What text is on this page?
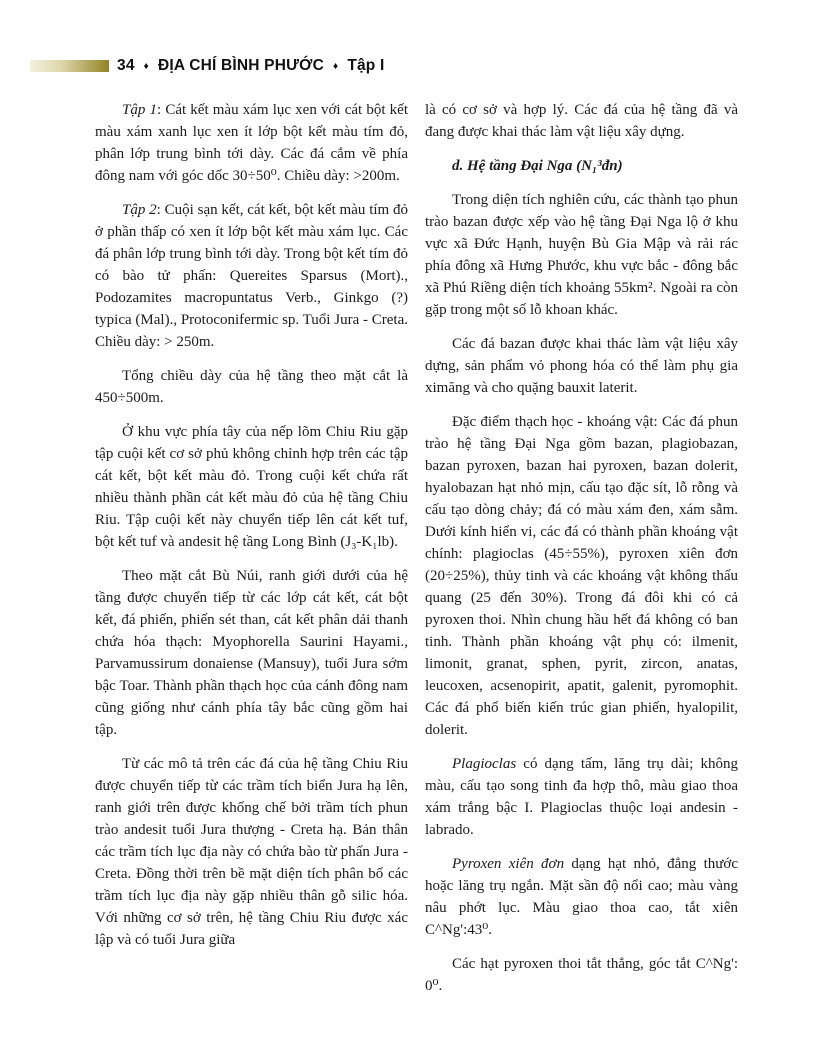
34 ♦ ĐỊA CHÍ BÌNH PHƯỚC ♦ Tập I

Tập 1: Cát kết màu xám lục xen với cát bột kết màu xám xanh lục xen ít lớp bột kết màu tím đỏ, phân lớp trung bình tới dày. Các đá cắm về phía đông nam với góc dốc 30÷50⁰. Chiều dày: >200m.

Tập 2: Cuội sạn kết, cát kết, bột kết màu tím đỏ ở phần thấp có xen ít lớp bột kết màu xám lục. Các đá phân lớp trung bình tới dày. Trong bột kết tím đỏ có bào tử phấn: Quereites Sparsus (Mort)., Podozamites macropuntatus Verb., Ginkgo (?) typica (Mal)., Protoconifermic sp. Tuổi Jura - Creta. Chiều dày: > 250m.

Tổng chiều dày của hệ tầng theo mặt cắt là 450÷500m.

Ở khu vực phía tây của nếp lõm Chiu Riu gặp tập cuội kết cơ sở phủ không chỉnh hợp trên các tập cát kết, bột kết màu đỏ. Trong cuội kết chứa rất nhiều thành phần cát kết màu đỏ của hệ tầng Chiu Riu. Tập cuội kết này chuyển tiếp lên cát kết tuf, bột kết tuf và andesit hệ tầng Long Bình (J₃-K₁lb).

Theo mặt cắt Bù Núi, ranh giới dưới của hệ tầng được chuyển tiếp từ các lớp cát kết, cát bột kết, đá phiến, phiến sét than, cát kết phân dải thanh chứa hóa thạch: Myophorella Saurini Hayami., Parvamussirum donaiense (Mansuy), tuổi Jura sớm bậc Toar. Thành phần thạch học của cánh đông nam cũng giống như cánh phía tây bắc cũng gồm hai tập.

Từ các mô tả trên các đá của hệ tầng Chiu Riu được chuyển tiếp từ các trầm tích biển Jura hạ lên, ranh giới trên được khống chế bởi trầm tích phun trào andesit tuổi Jura thượng - Creta hạ. Bản thân các trầm tích lục địa này có chứa bào từ phấn Jura - Creta. Đồng thời trên bề mặt diện tích phân bố các trầm tích lục địa này gặp nhiều thân gỗ silic hóa. Với những cơ sở trên, hệ tầng Chiu Riu được xác lập và có tuổi Jura giữa

là có cơ sở và hợp lý. Các đá của hệ tầng đã và đang được khai thác làm vật liệu xây dựng.

d. Hệ tầng Đại Nga (N₁³đn)

Trong diện tích nghiên cứu, các thành tạo phun trào bazan được xếp vào hệ tầng Đại Nga lộ ở khu vực xã Đức Hạnh, huyện Bù Gia Mập và rải rác phía đông xã Hưng Phước, khu vực bắc - đông bắc xã Phú Riềng diện tích khoảng 55km². Ngoài ra còn gặp trong một số lỗ khoan khác.

Các đá bazan được khai thác làm vật liệu xây dựng, sản phẩm vỏ phong hóa có thể làm phụ gia ximăng và cho quặng bauxit laterit.

Đặc điểm thạch học - khoáng vật: Các đá phun trào hệ tầng Đại Nga gồm bazan, plagiobazan, bazan pyroxen, bazan hai pyroxen, bazan dolerit, hyalobazan hạt nhỏ mịn, cấu tạo đặc sít, lỗ rỗng và cấu tạo dòng chảy; đá có màu xám đen, xám sẫm. Dưới kính hiển vi, các đá có thành phần khoáng vật chính: plagioclas (45÷55%), pyroxen xiên đơn (20÷25%), thủy tinh và các khoáng vật không thấu quang (25 đến 30%). Trong đá đôi khi có cả pyroxen thoi. Nhìn chung hầu hết đá không có ban tinh. Thành phần khoáng vật phụ có: ilmenit, limonit, granat, sphen, pyrit, zircon, anatas, leucoxen, acsenopirit, apatit, galenit, pyromophit. Các đá phổ biến kiến trúc gian phiến, hyalopilit, dolerit.

Plagioclas có dạng tấm, lăng trụ dài; không màu, cấu tạo song tinh đa hợp thô, màu giao thoa xám trắng bậc I. Plagioclas thuộc loại andesin - labrado.

Pyroxen xiên đơn dạng hạt nhỏ, đẳng thước hoặc lăng trụ ngắn. Mặt sần độ nổi cao; màu vàng nâu phớt lục. Màu giao thoa cao, tắt xiên C^Ng':43⁰.

Các hạt pyroxen thoi tắt thẳng, góc tắt C^Ng': 0⁰.
